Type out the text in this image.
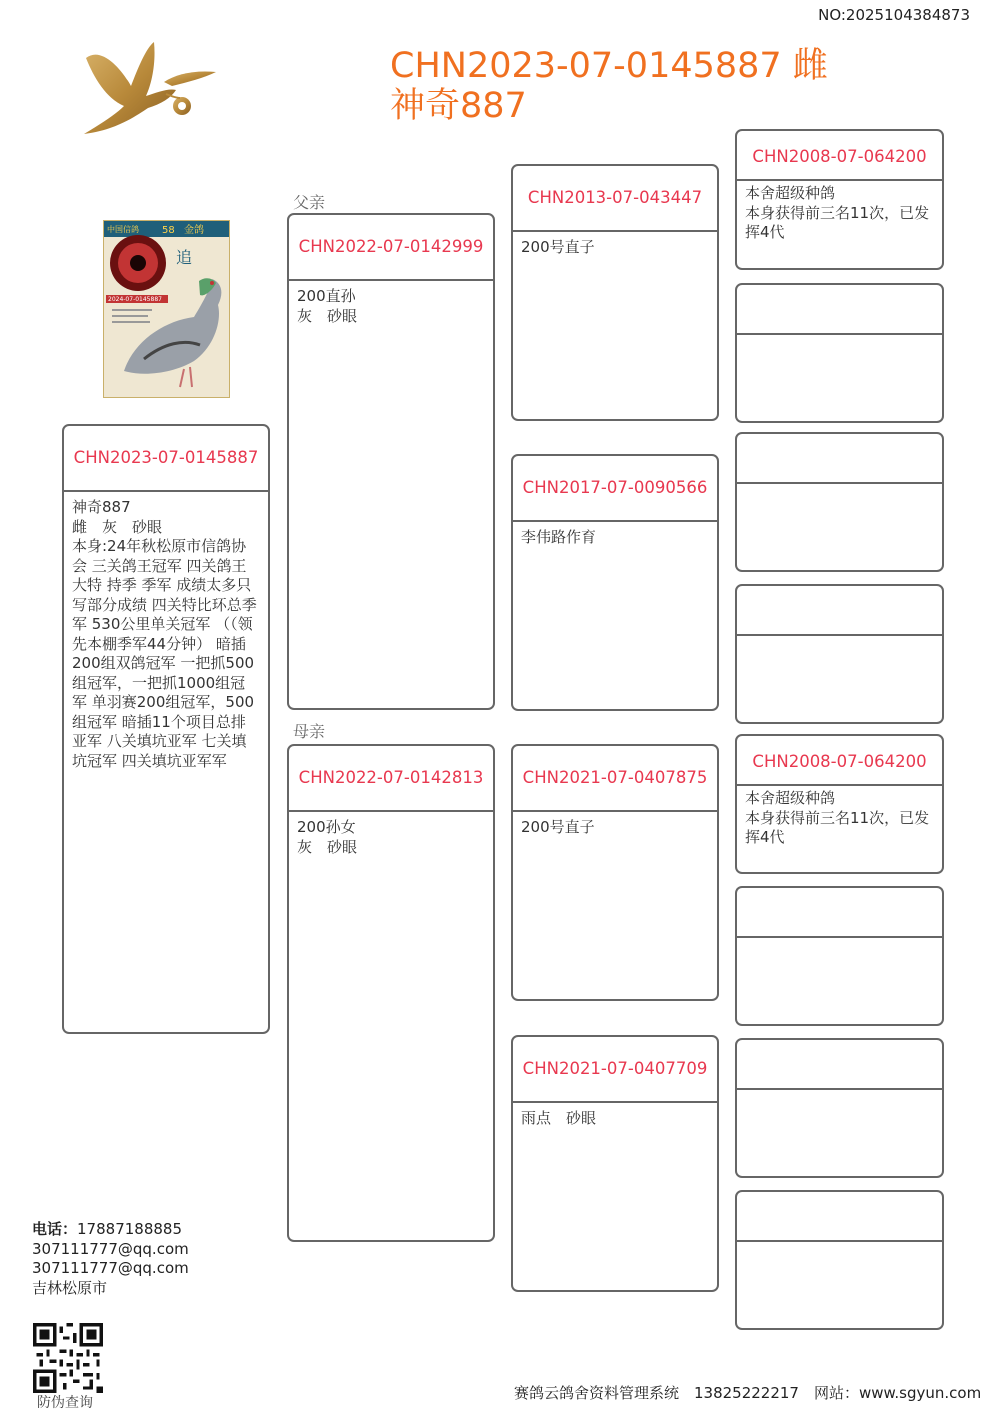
NO:2025104384873
CHN2023-07-0145887 雌
神奇887
中国信鸽 58 金鸽
追
2024-07-0145887
父亲
母亲
CHN2023-07-0145887
神奇887
雌　灰　砂眼
本身:24年秋松原市信鸽协会 三关鸽王冠军 四关鸽王大特 持季 季军 成绩太多只写部分成绩 四关特比环总季军 530公里单关冠军 （（领先本棚季军44分钟） 暗插200组双鸽冠军 一把抓500组冠军，一把抓1000组冠军 单羽赛200组冠军，500组冠军 暗插11个项目总排亚军 八关填坑亚军 七关填坑冠军 四关填坑亚军军
CHN2022-07-0142999
200直孙
灰　砂眼
CHN2022-07-0142813
200孙女
灰　砂眼
CHN2013-07-043447
200号直子
CHN2017-07-0090566
李伟路作育
CHN2021-07-0407875
200号直子
CHN2021-07-0407709
雨点　砂眼
CHN2008-07-064200
本舍超级种鸽
本身获得前三名11次，已发挥4代
CHN2008-07-064200
本舍超级种鸽
本身获得前三名11次，已发挥4代
电话：17887188885
307111777@qq.com
307111777@qq.com
吉林松原市
防伪查询
赛鸽云鸽舍资料管理系统　13825222217　网站：www.sgyun.com
